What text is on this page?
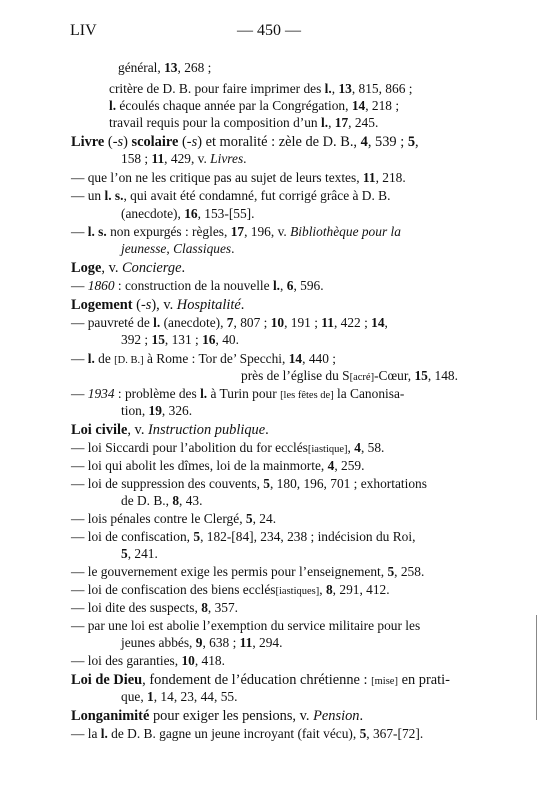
LIV	— 450 —
général, 13, 268 ;
critère de D. B. pour faire imprimer des l., 13, 815, 866 ;
l. écoulés chaque année par la Congrégation, 14, 218 ;
travail requis pour la composition d’un l., 17, 245.
Livre (-s) scolaire (-s) et moralité : zèle de D. B., 4, 539 ; 5,
158 ; 11, 429, v. Livres.
— que l’on ne les critique pas au sujet de leurs textes, 11, 218.
— un l. s., qui avait été condamné, fut corrigé grâce à D. B.
(anecdote), 16, 153-[55].
— l. s. non expurgés : règles, 17, 196, v. Bibliothèque pour la
jeunesse, Classiques.
Loge, v. Concierge.
— 1860 : construction de la nouvelle l., 6, 596.
Logement (-s), v. Hospitalité.
— pauvreté de l. (anecdote), 7, 807 ; 10, 191 ; 11, 422 ; 14,
392 ; 15, 131 ; 16, 40.
— l. de [D. B.] à Rome : Tor de’ Specchi, 14, 440 ;
près de l’église du S[acré]-Cœur, 15, 148.
— 1934 : problème des l. à Turin pour [les fêtes de] la Canonisa-
tion, 19, 326.
Loi civile, v. Instruction publique.
— loi Siccardi pour l’abolition du for ecclés[iastique], 4, 58.
— loi qui abolit les dîmes, loi de la mainmorte, 4, 259.
— loi de suppression des couvents, 5, 180, 196, 701 ; exhortations
de D. B., 8, 43.
— lois pénales contre le Clergé, 5, 24.
— loi de confiscation, 5, 182-[84], 234, 238 ; indécision du Roi,
5, 241.
— le gouvernement exige les permis pour l’enseignement, 5, 258.
— loi de confiscation des biens ecclés[iastiques], 8, 291, 412.
— loi dite des suspects, 8, 357.
— par une loi est abolie l’exemption du service militaire pour les
jeunes abbés, 9, 638 ; 11, 294.
— loi des garanties, 10, 418.
Loi de Dieu, fondement de l’éducation chrétienne : [mise] en prati-
que, 1, 14, 23, 44, 55.
Longanimité pour exiger les pensions, v. Pension.
— la l. de D. B. gagne un jeune incroyant (fait vécu), 5, 367-[72].
